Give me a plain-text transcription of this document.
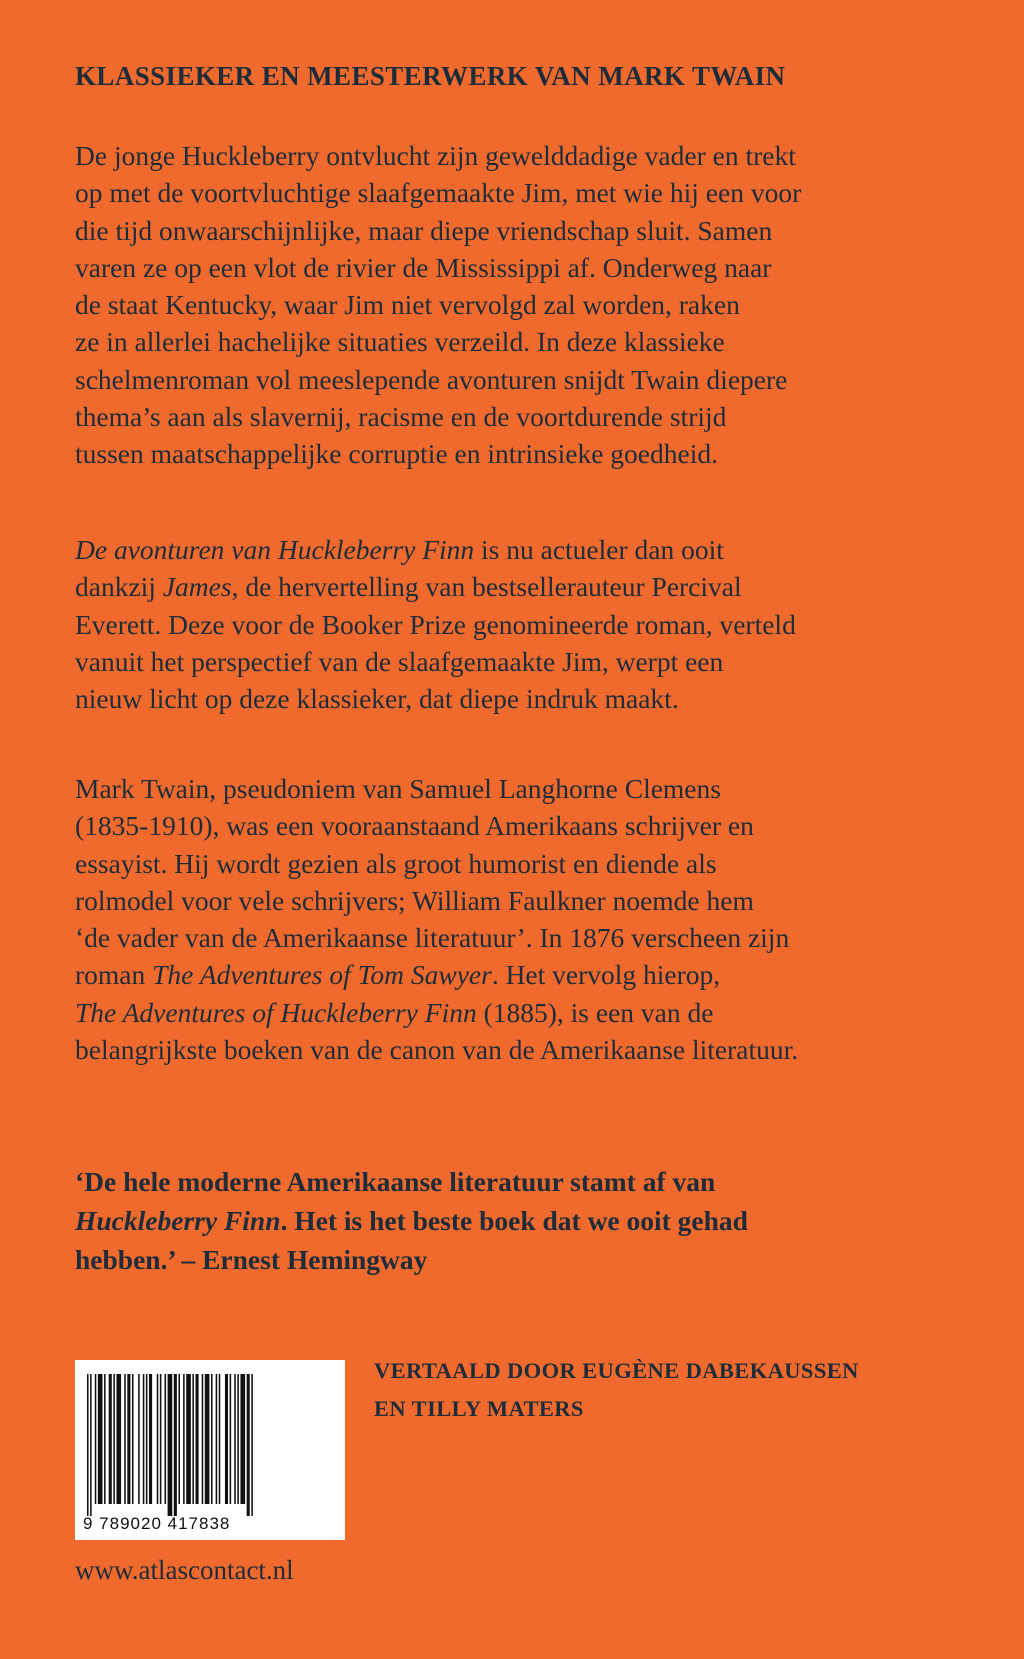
KLASSIEKER EN MEESTERWERK VAN MARK TWAIN
De jonge Huckleberry ontvlucht zijn gewelddadige vader en trekt
op met de voortvluchtige slaafgemaakte Jim, met wie hij een voor
die tijd onwaarschijnlijke, maar diepe vriendschap sluit. Samen
varen ze op een vlot de rivier de Mississippi af. Onderweg naar
de staat Kentucky, waar Jim niet vervolgd zal worden, raken
ze in allerlei hachelijke situaties verzeild. In deze klassieke
schelmenroman vol meeslepende avonturen snijdt Twain diepere
thema’s aan als slavernij, racisme en de voortdurende strijd
tussen maatschappelijke corruptie en intrinsieke goedheid.
De avonturen van Huckleberry Finn is nu actueler dan ooit
dankzij James, de hervertelling van bestsellerauteur Percival
Everett. Deze voor de Booker Prize genomineerde roman, verteld
vanuit het perspectief van de slaafgemaakte Jim, werpt een
nieuw licht op deze klassieker, dat diepe indruk maakt.
Mark Twain, pseudoniem van Samuel Langhorne Clemens
(1835-1910), was een vooraanstaand Amerikaans schrijver en
essayist. Hij wordt gezien als groot humorist en diende als
rolmodel voor vele schrijvers; William Faulkner noemde hem
‘de vader van de Amerikaanse literatuur’. In 1876 verscheen zijn
roman The Adventures of Tom Sawyer. Het vervolg hierop,
The Adventures of Huckleberry Finn (1885), is een van de
belangrijkste boeken van de canon van de Amerikaanse literatuur.
‘De hele moderne Amerikaanse literatuur stamt af van
Huckleberry Finn. Het is het beste boek dat we ooit gehad
hebben.’ – Ernest Hemingway
9 789020 417838
VERTAALD DOOR EUGÈNE DABEKAUSSEN
EN TILLY MATERS
www.atlascontact.nl
